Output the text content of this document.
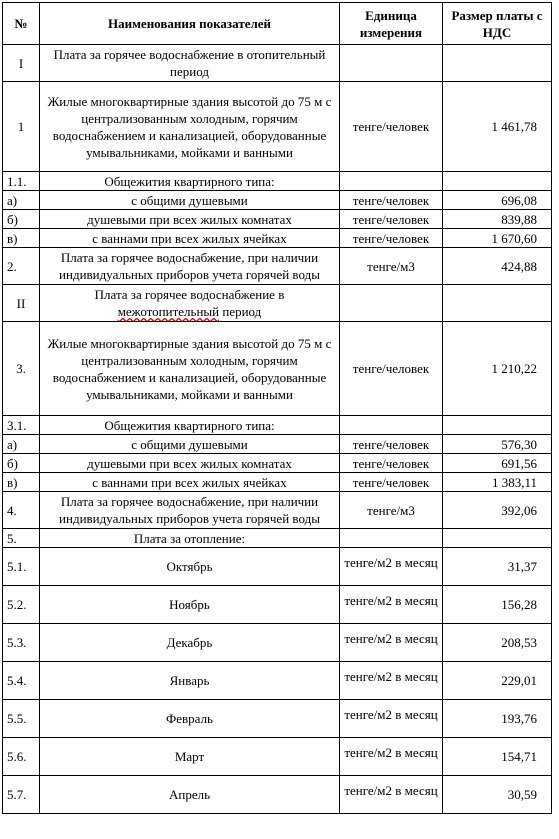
№	Наименования показателей	Единица измерения	Размер платы с НДС
I	Плата за горячее водоснабжение в отопительный период		
1	Жилые многоквартирные здания высотой до 75 м с централизованным холодным, горячим водоснабжением и канализацией, оборудованные умывальниками, мойками и ванными	тенге/человек	1 461,78
1.1.	Общежития квартирного типа:		
а)	с общими душевыми	тенге/человек	696,08
б)	душевыми при всех жилых комнатах	тенге/человек	839,88
в)	с ваннами при всех жилых ячейках	тенге/человек	1 670,60
2.	Плата за горячее водоснабжение, при наличии индивидуальных приборов учета горячей воды	тенге/м3	424,88
II	Плата за горячее водоснабжение в
межотопительный период		
3.	Жилые многоквартирные здания высотой до 75 м с централизованным холодным, горячим водоснабжением и канализацией, оборудованные умывальниками, мойками и ванными	тенге/человек	1 210,22
3.1.	Общежития квартирного типа:		
а)	с общими душевыми	тенге/человек	576,30
б)	душевыми при всех жилых комнатах	тенге/человек	691,56
в)	с ваннами при всех жилых ячейках	тенге/человек	1 383,11
4.	Плата за горячее водоснабжение, при наличии индивидуальных приборов учета горячей воды	тенге/м3	392,06
5.	Плата за отопление:		
5.1.	Октябрь	тенге/м2 в месяц	31,37
5.2.	Ноябрь	тенге/м2 в месяц	156,28
5.3.	Декабрь	тенге/м2 в месяц	208,53
5.4.	Январь	тенге/м2 в месяц	229,01
5.5.	Февраль	тенге/м2 в месяц	193,76
5.6.	Март	тенге/м2 в месяц	154,71
5.7.	Апрель	тенге/м2 в месяц	30,59
